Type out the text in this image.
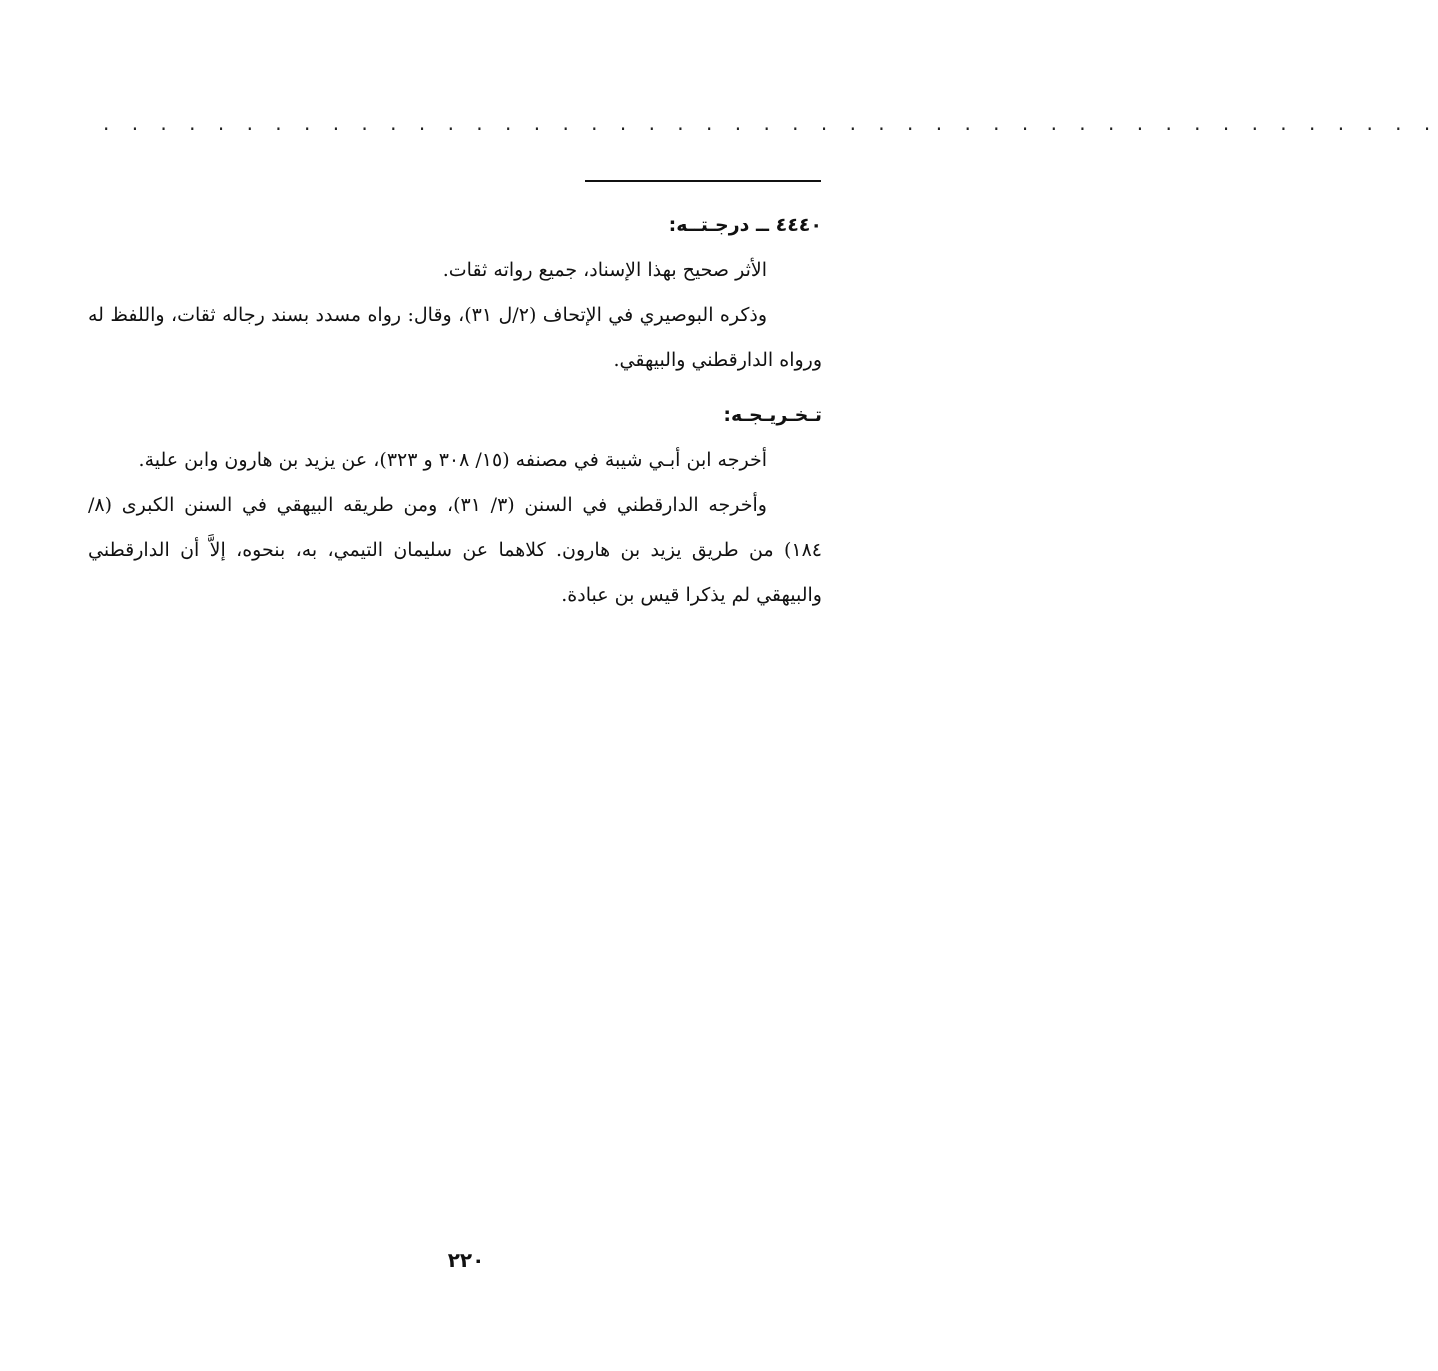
· · · · · · · · · · · · · · · · · · · · · · · · · · · · · · · · · · · · · · · · · · · · · · ·
٤٤٤٠ ــ درجـتــه:

الأثر صحيح بهذا الإسناد، جميع رواته ثقات.

وذكره البوصيري في الإتحاف (٢/ل ٣١)، وقال: رواه مسدد بسند رجاله ثقات، واللفظ له ورواه الدارقطني والبيهقي.

تـخـريـجـه:

أخرجه ابن أبـي شيبة في مصنفه (١٥/ ٣٠٨ و ٣٢٣)، عن يزيد بن هارون وابن علية.

وأخرجه الدارقطني في السنن (٣/ ٣١)، ومن طريقه البيهقي في السنن الكبرى (٨/ ١٨٤) من طريق يزيد بن هارون. كلاهما عن سليمان التيمي، به، بنحوه، إلاَّ أن الدارقطني والبيهقي لم يذكرا قيس بن عبادة.

٢٢٠
